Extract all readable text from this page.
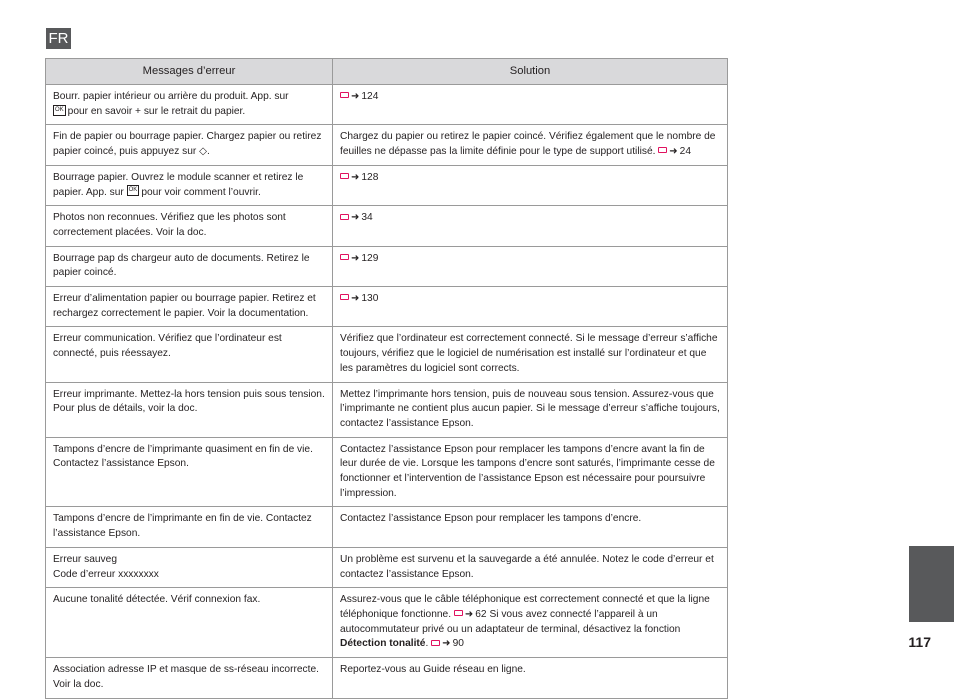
FR
Messages d’erreur	Solution
Bourr. papier intérieur ou arrière du produit. App. sur
OK pour en savoir + sur le retrait du papier.	➜ 124
Fin de papier ou bourrage papier. Chargez papier ou retirez papier coincé, puis appuyez sur ◇.	Chargez du papier ou retirez le papier coincé. Vérifiez également que le nombre de feuilles ne dépasse pas la limite définie pour le type de support utilisé. ➜ 24
Bourrage papier. Ouvrez le module scanner et retirez le papier. App. sur OK pour voir comment l’ouvrir.	➜ 128
Photos non reconnues. Vérifiez que les photos sont correctement placées. Voir la doc.	➜ 34
Bourrage pap ds chargeur auto de documents. Retirez le papier coincé.	➜ 129
Erreur d’alimentation papier ou bourrage papier. Retirez et rechargez correctement le papier. Voir la documentation.	➜ 130
Erreur communication. Vérifiez que l’ordinateur est connecté, puis réessayez.	Vérifiez que l’ordinateur est correctement connecté. Si le message d’erreur s’affiche toujours, vérifiez que le logiciel de numérisation est installé sur l’ordinateur et que les paramètres du logiciel sont corrects.
Erreur imprimante. Mettez-la hors tension puis sous tension. Pour plus de détails, voir la doc.	Mettez l’imprimante hors tension, puis de nouveau sous tension. Assurez-vous que l’imprimante ne contient plus aucun papier. Si le message d’erreur s’affiche toujours, contactez l’assistance Epson.
Tampons d’encre de l’imprimante quasiment en fin de vie. Contactez l’assistance Epson.	Contactez l’assistance Epson pour remplacer les tampons d’encre avant la fin de leur durée de vie. Lorsque les tampons d’encre sont saturés, l’imprimante cesse de fonctionner et l’intervention de l’assistance Epson est nécessaire pour poursuivre l’impression.
Tampons d’encre de l’imprimante en fin de vie. Contactez l’assistance Epson.	Contactez l’assistance Epson pour remplacer les tampons d’encre.

Erreur sauveg
Code d’erreur xxxxxxxx	Un problème est survenu et la sauvegarde a été annulée. Notez le code d’erreur et contactez l’assistance Epson.
Aucune tonalité détectée. Vérif connexion fax.	Assurez-vous que le câble téléphonique est correctement connecté et que la ligne téléphonique fonctionne. ➜ 62 Si vous avez connecté l’appareil à un autocommutateur privé ou un adaptateur de terminal, désactivez la fonction Détection tonalité. ➜ 90
Association adresse IP et masque de ss-réseau incorrecte. Voir la doc.	Reportez-vous au Guide réseau en ligne.
117
